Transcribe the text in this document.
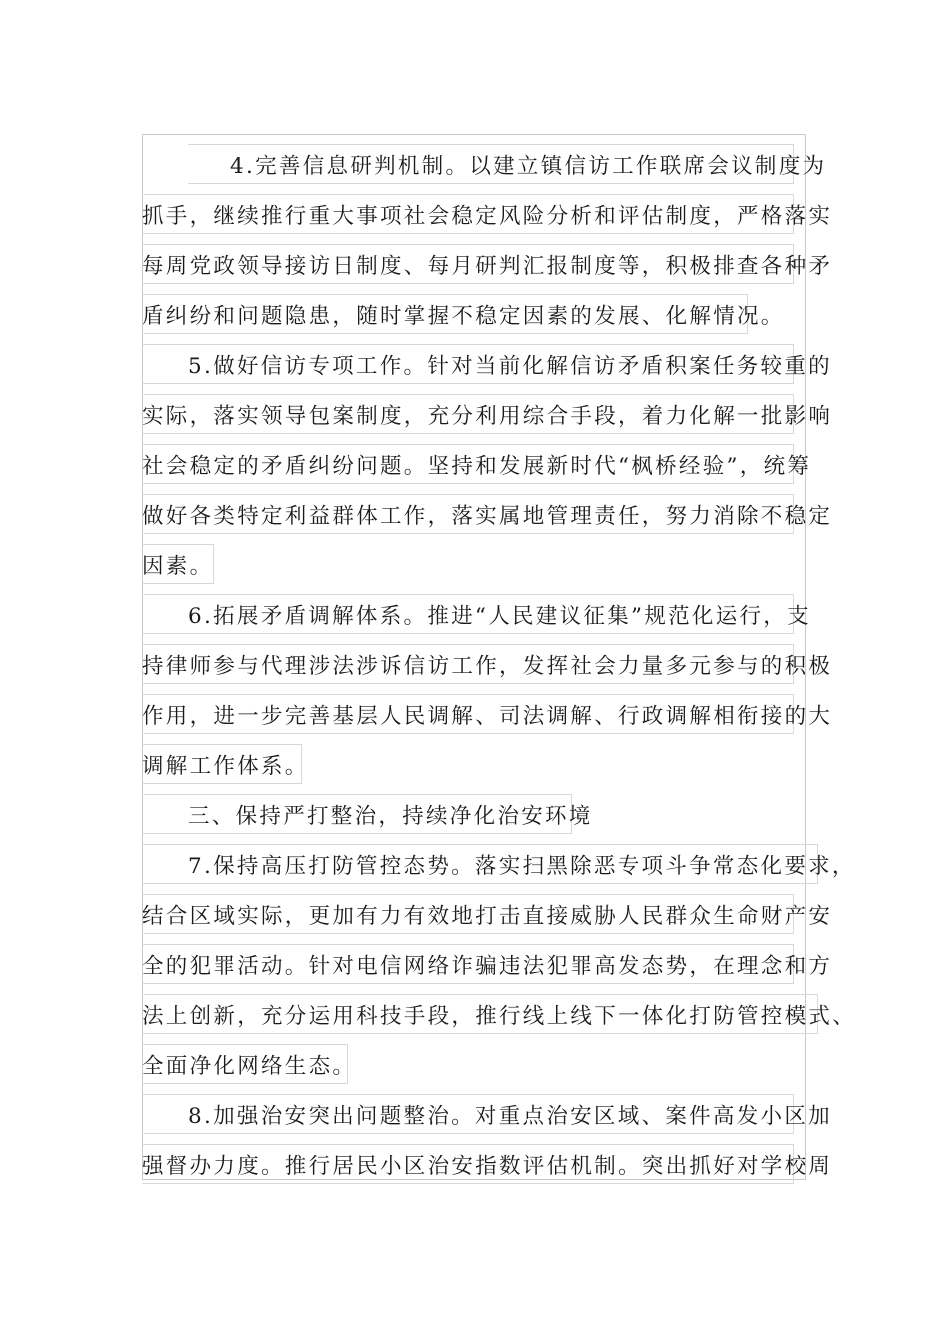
4.完善信息研判机制。以建立镇信访工作联席会议制度为
抓手，继续推行重大事项社会稳定风险分析和评估制度，严格落实
每周党政领导接访日制度、每月研判汇报制度等，积极排查各种矛
盾纠纷和问题隐患，随时掌握不稳定因素的发展、化解情况。
5.做好信访专项工作。针对当前化解信访矛盾积案任务较重的
实际，落实领导包案制度，充分利用综合手段，着力化解一批影响
社会稳定的矛盾纠纷问题。坚持和发展新时代“枫桥经验”，统筹
做好各类特定利益群体工作，落实属地管理责任，努力消除不稳定
因素。
6.拓展矛盾调解体系。推进“人民建议征集”规范化运行，支
持律师参与代理涉法涉诉信访工作，发挥社会力量多元参与的积极
作用，进一步完善基层人民调解、司法调解、行政调解相衔接的大
调解工作体系。
三、保持严打整治，持续净化治安环境
7.保持高压打防管控态势。落实扫黑除恶专项斗争常态化要求，
结合区域实际，更加有力有效地打击直接威胁人民群众生命财产安
全的犯罪活动。针对电信网络诈骗违法犯罪高发态势，在理念和方
法上创新，充分运用科技手段，推行线上线下一体化打防管控模式、
全面净化网络生态。
8.加强治安突出问题整治。对重点治安区域、案件高发小区加
强督办力度。推行居民小区治安指数评估机制。突出抓好对学校周
